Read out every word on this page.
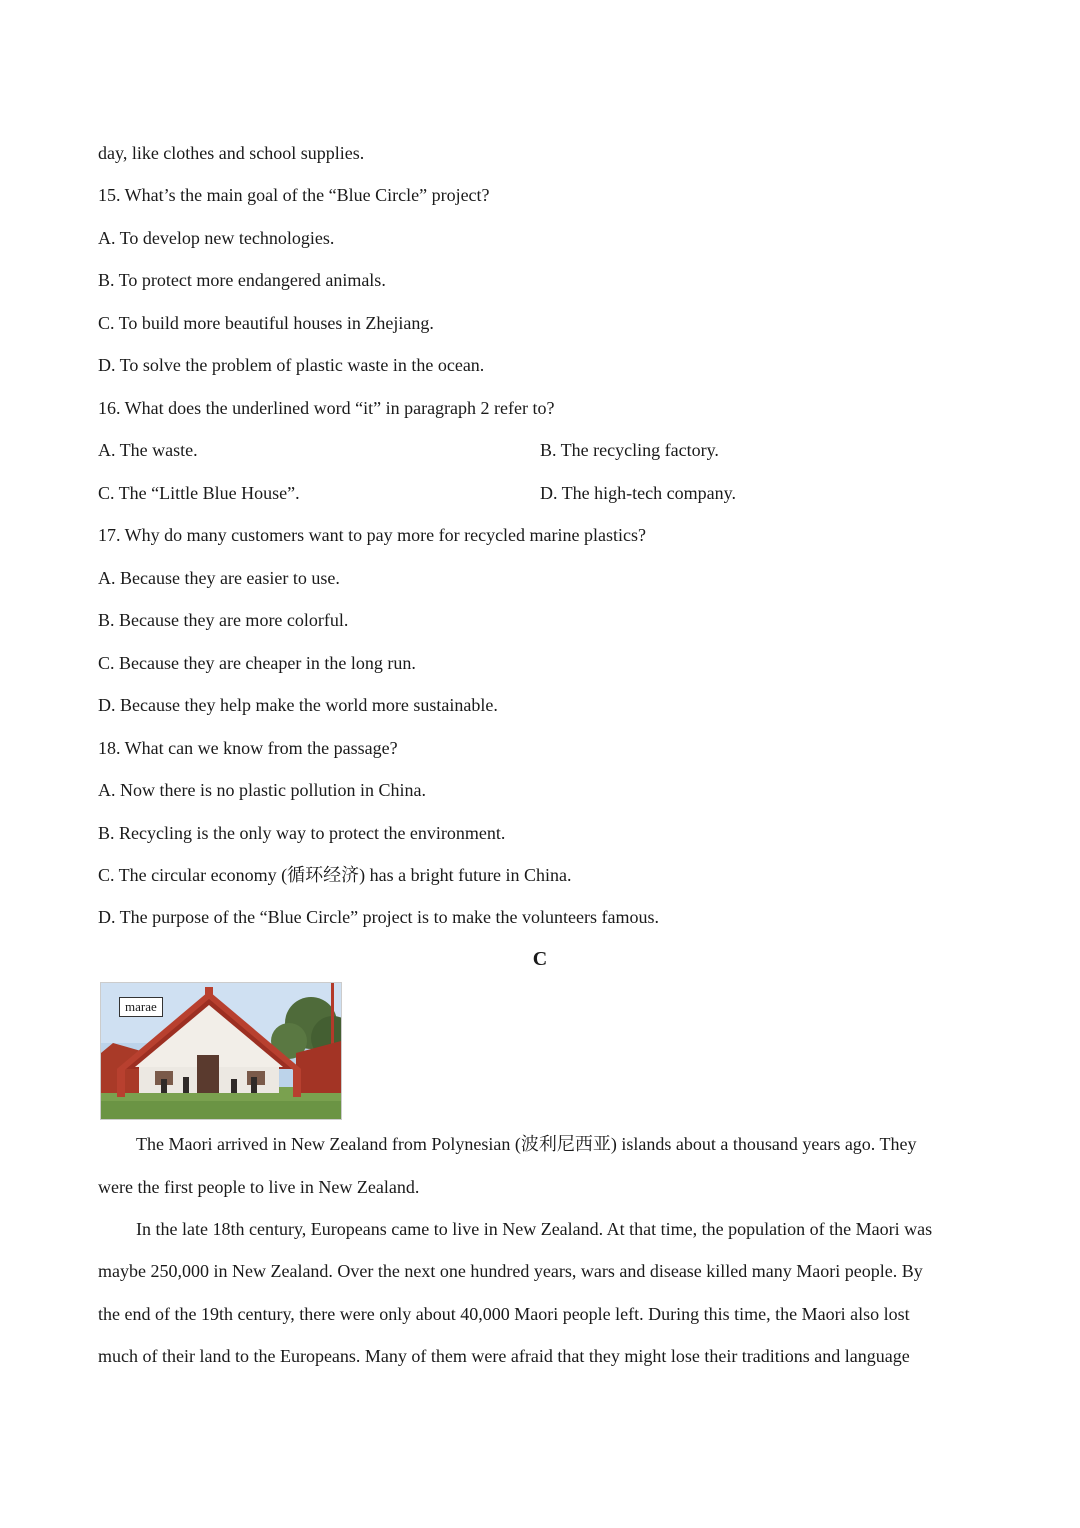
day, like clothes and school supplies.
15. What’s the main goal of the “Blue Circle” project?
A. To develop new technologies.
B. To protect more endangered animals.
C. To build more beautiful houses in Zhejiang.
D. To solve the problem of plastic waste in the ocean.
16. What does the underlined word “it” in paragraph 2 refer to?
A. The waste.	B. The recycling factory.
C. The “Little Blue House”.	D. The high-tech company.
17. Why do many customers want to pay more for recycled marine plastics?
A. Because they are easier to use.
B. Because they are more colorful.
C. Because they are cheaper in the long run.
D. Because they help make the world more sustainable.
18. What can we know from the passage?
A. Now there is no plastic pollution in China.
B. Recycling is the only way to protect the environment.
C. The circular economy (循环经济) has a bright future in China.
D. The purpose of the “Blue Circle” project is to make the volunteers famous.
C
marae
The Maori arrived in New Zealand from Polynesian (波利尼西亚) islands about a thousand years ago. They
were the first people to live in New Zealand.
In the late 18th century, Europeans came to live in New Zealand. At that time, the population of the Maori was
maybe 250,000 in New Zealand. Over the next one hundred years, wars and disease killed many Maori people. By
the end of the 19th century, there were only about 40,000 Maori people left. During this time, the Maori also lost
much of their land to the Europeans. Many of them were afraid that they might lose their traditions and language
